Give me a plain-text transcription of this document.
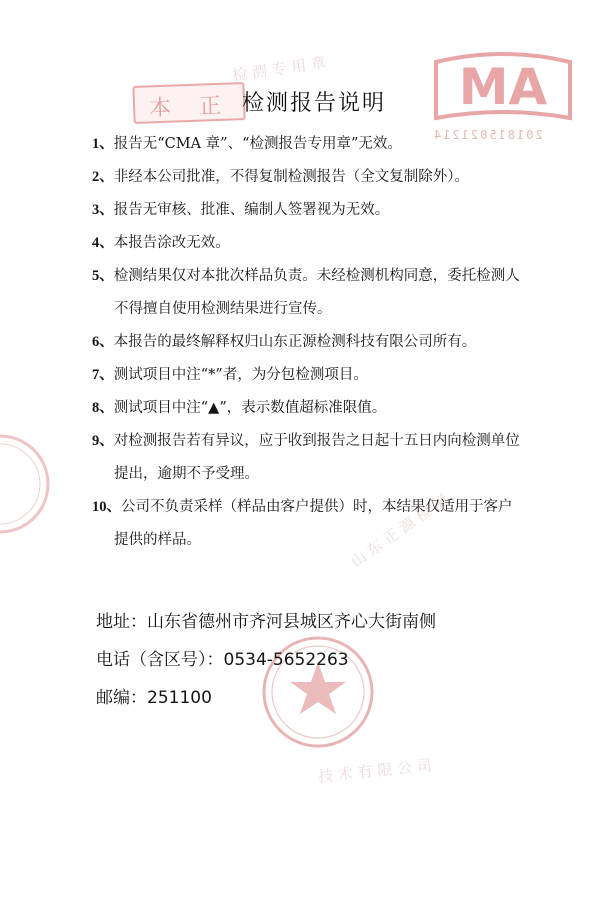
本 正	MA
201815021214
检 测 专 用 章
山 东 正 源 检 测
技 术 有 限 公 司
检测报告说明
1、报告无“CMA 章”、“检测报告专用章”无效。
2、非经本公司批准，不得复制检测报告（全文复制除外）。
3、报告无审核、批准、编制人签署视为无效。
4、本报告涂改无效。
5、检测结果仅对本批次样品负责。未经检测机构同意，委托检测人
不得擅自使用检测结果进行宣传。
6、本报告的最终解释权归山东正源检测科技有限公司所有。
7、测试项目中注“*”者，为分包检测项目。
8、测试项目中注“▲”，表示数值超标准限值。
9、对检测报告若有异议，应于收到报告之日起十五日内向检测单位
提出，逾期不予受理。
10、公司不负责采样（样品由客户提供）时，本结果仅适用于客户
提供的样品。
地址：山东省德州市齐河县城区齐心大街南侧
电话（含区号）：0534-5652263
邮编：251100
